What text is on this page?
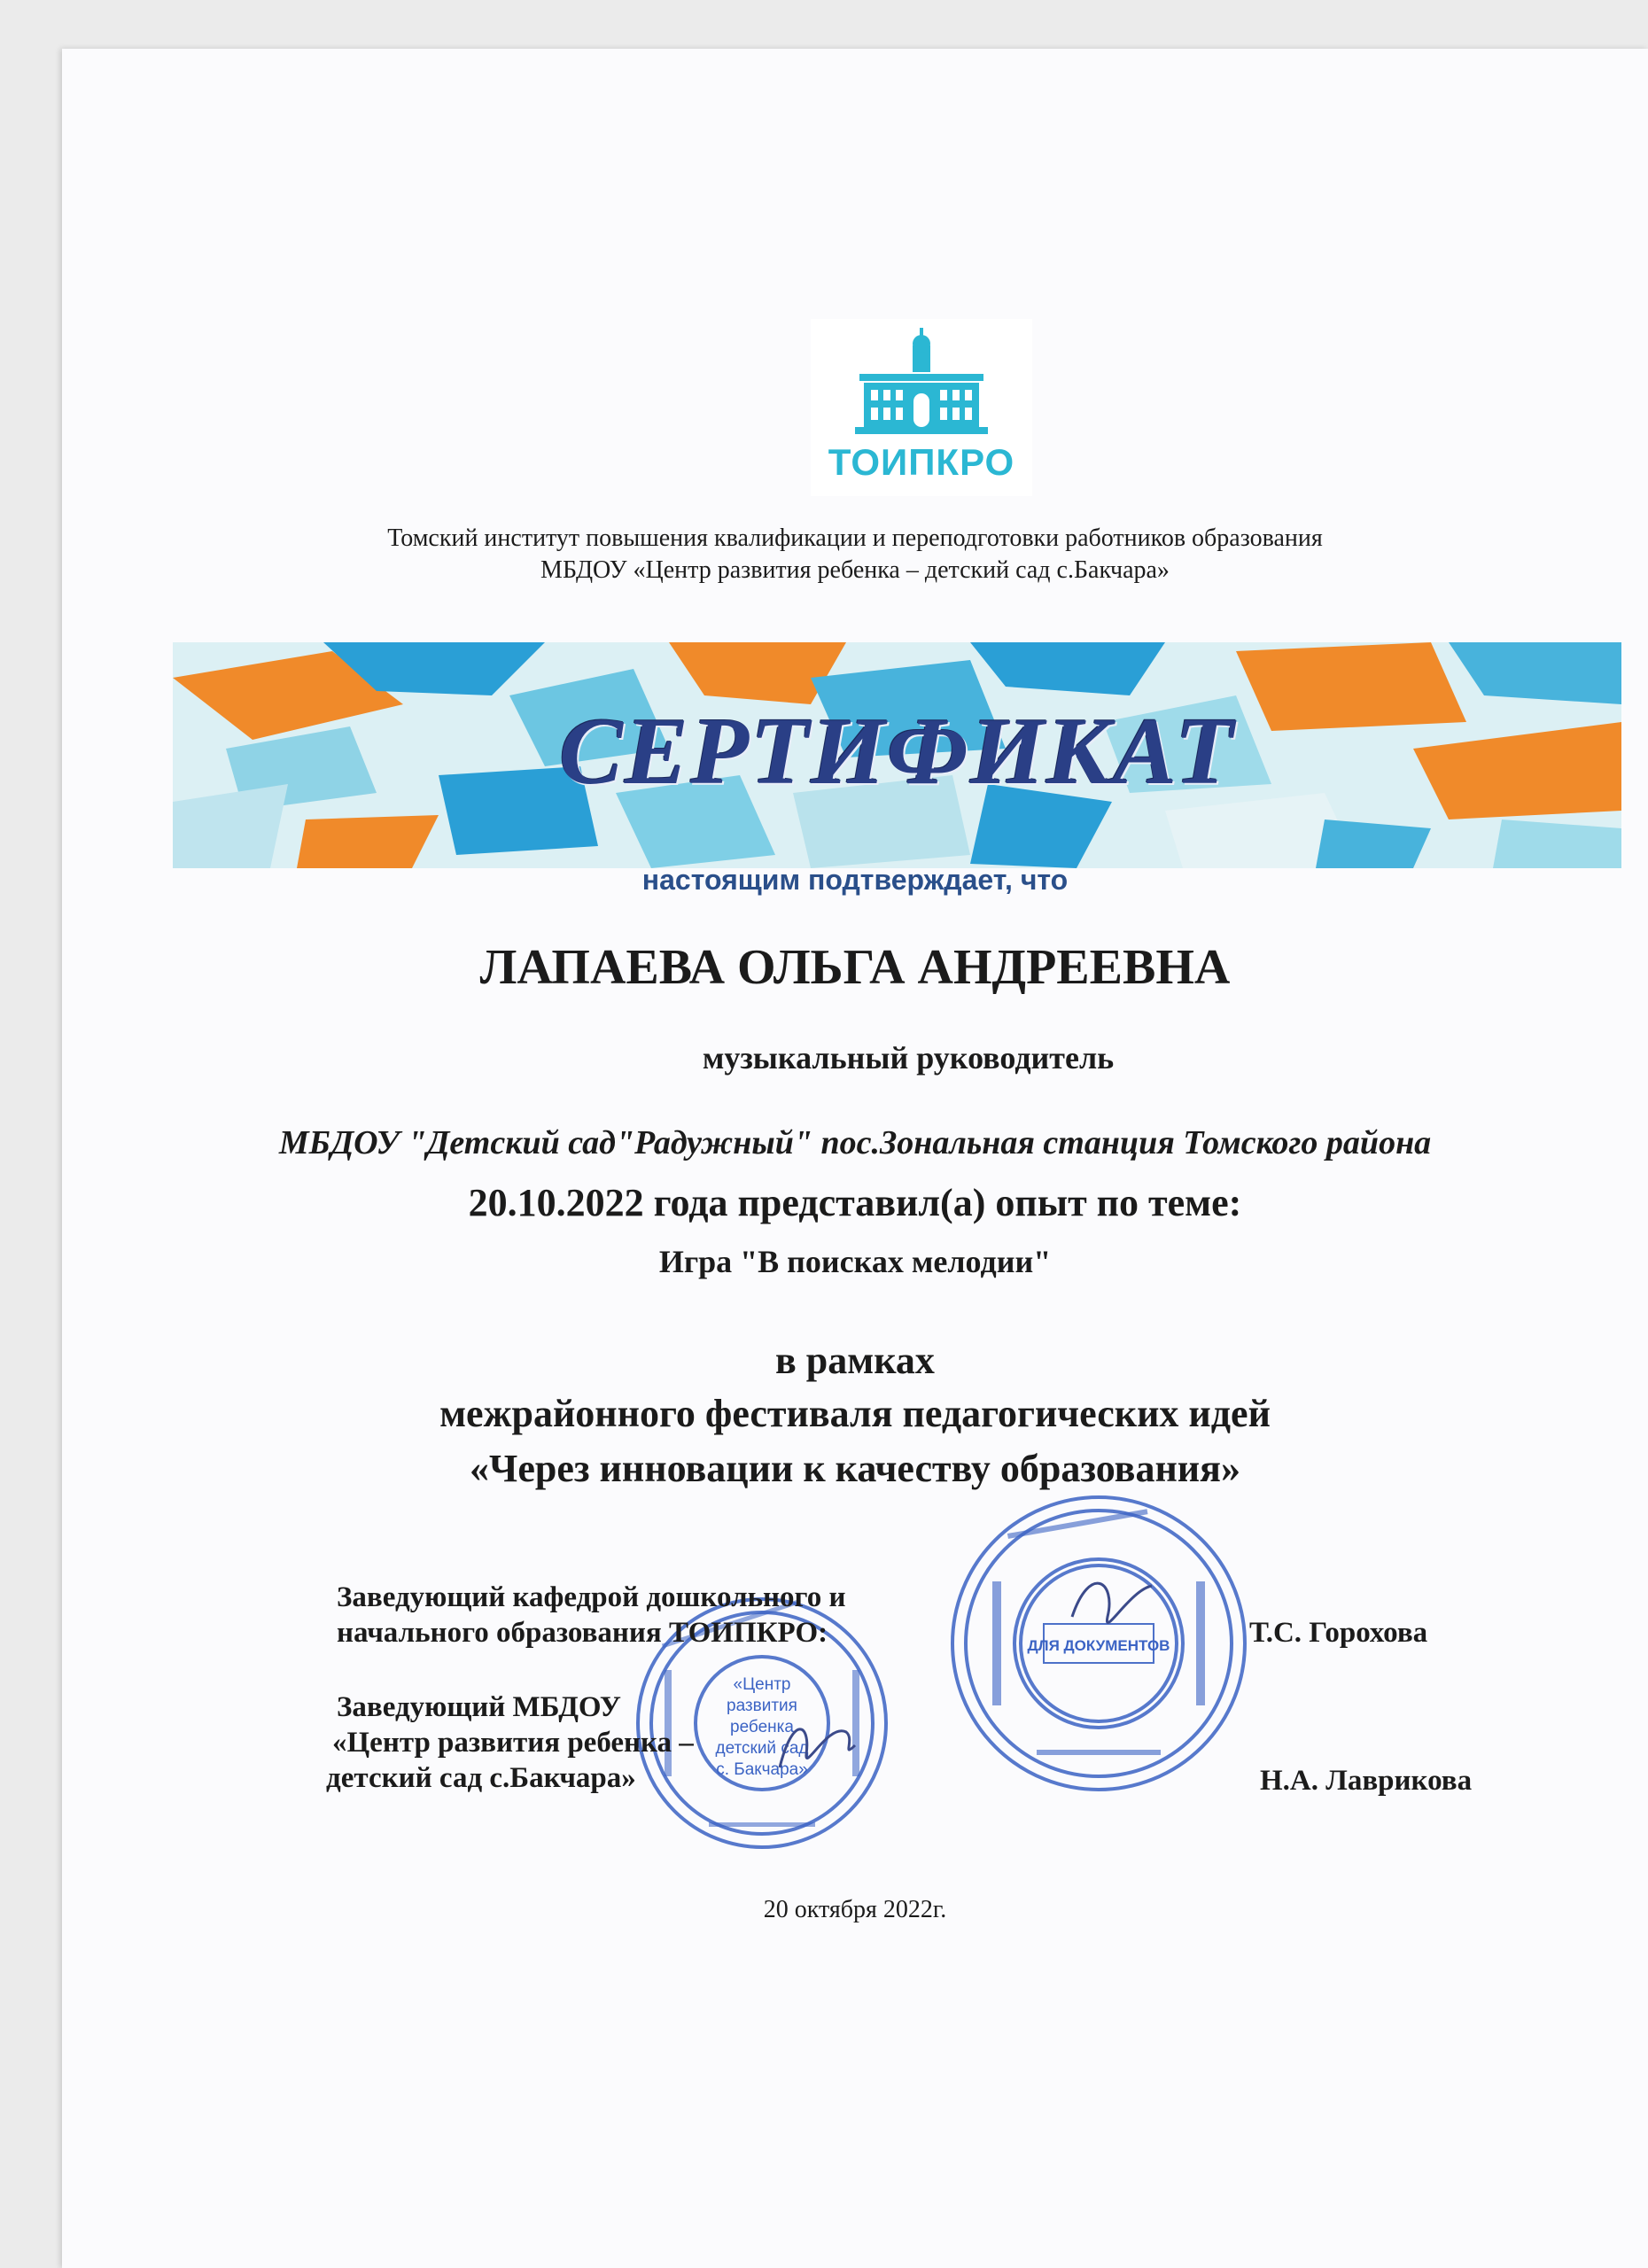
ТОИПКРО
Томский институт повышения квалификации и переподготовки работников образования
МБДОУ «Центр развития ребенка – детский сад с.Бакчара»
СЕРТИФИКАТ
настоящим подтверждает, что
ЛАПАЕВА ОЛЬГА АНДРЕЕВНА
музыкальный руководитель
МБДОУ "Детский сад"Радужный" пос.Зональная станция Томского района
20.10.2022 года представил(а) опыт по теме:
Игра "В поисках мелодии"
в рамках
межрайонного фестиваля педагогических идей
«Через инновации к качеству образования»
ДЛЯ ДОКУМЕНТОВ
«Центр
развития
ребенка
детский сад
с. Бакчара»
Заведующий кафедрой дошкольного и
начального образования ТОИПКРО:	Т.С. Горохова
Заведующий МБДОУ
«Центр развития ребенка –
детский сад с.Бакчара»	Н.А. Лаврикова
20 октября 2022г.
